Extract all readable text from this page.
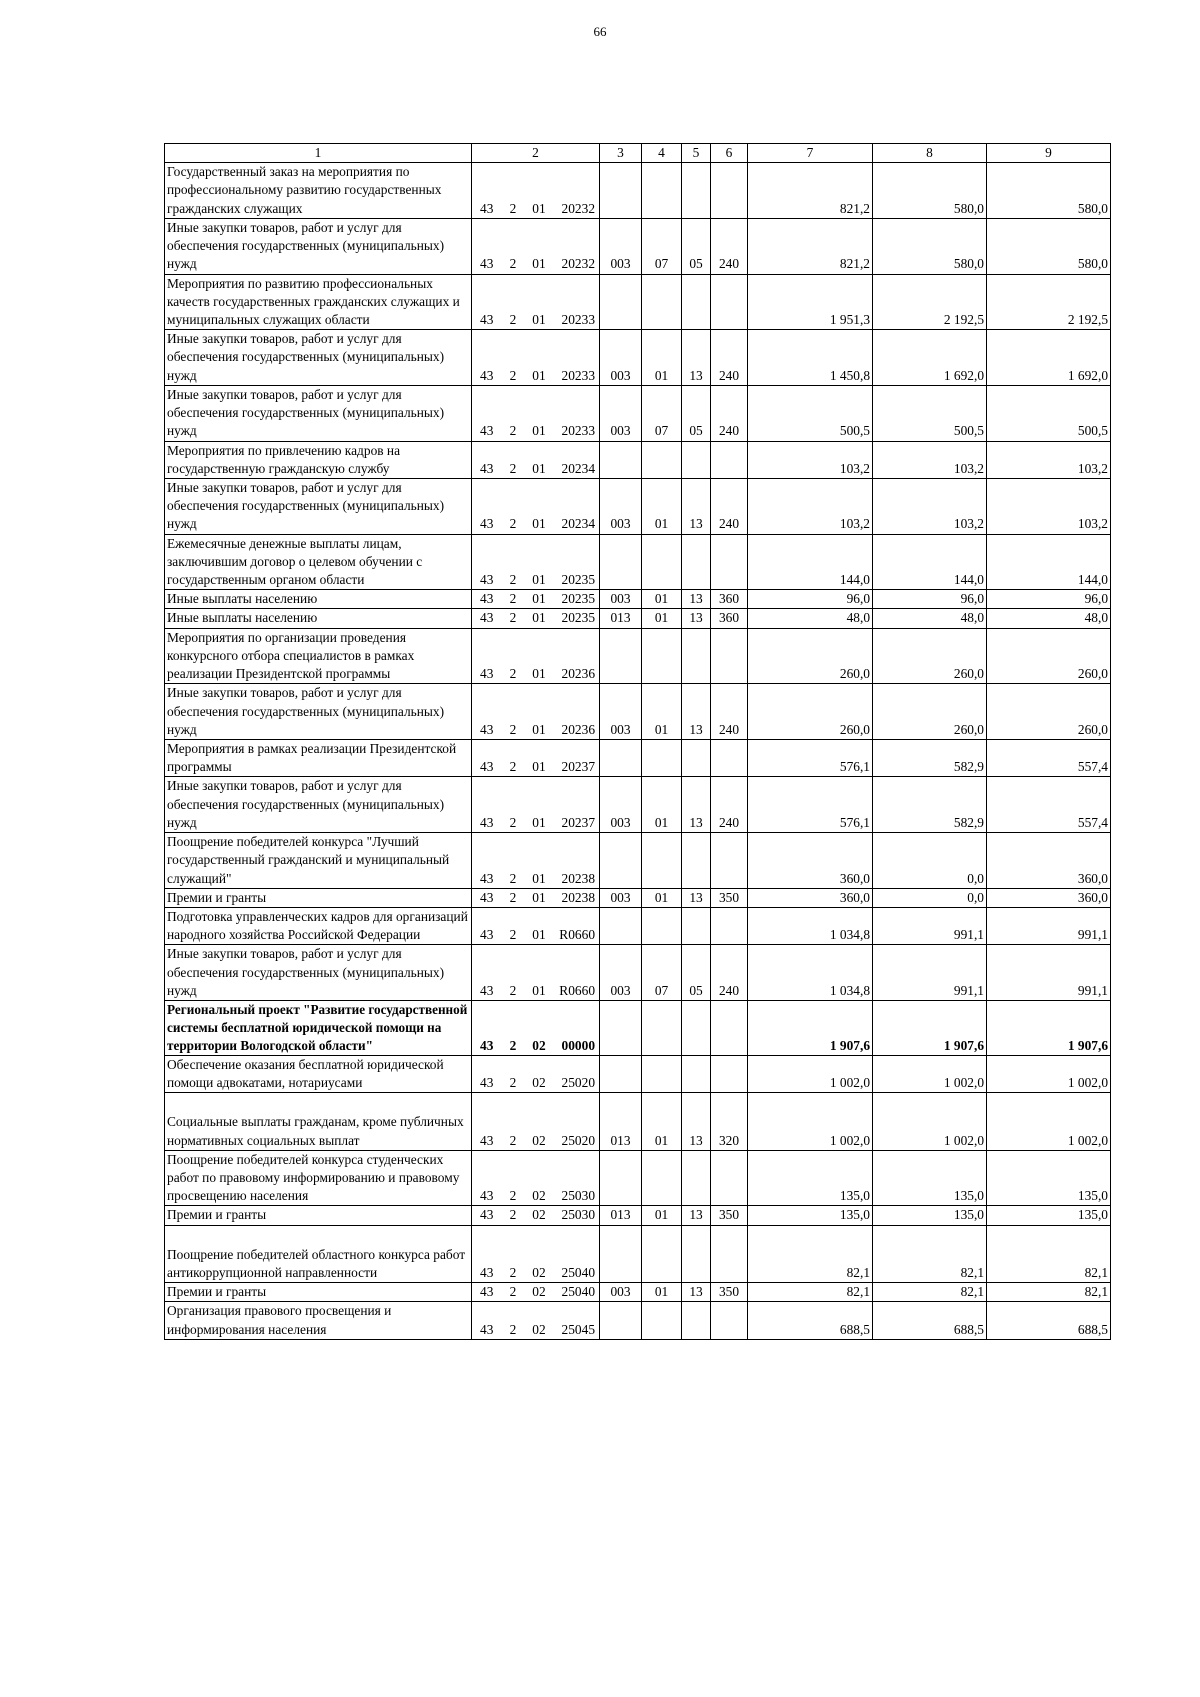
66
1	2				3	4	5	6	7	8	9
Государственный заказ на мероприятия по профессиональному развитию государственных гражданских служащих	43	2	01	20232					821,2	580,0	580,0
Иные закупки товаров, работ и услуг для обеспечения государственных (муниципальных) нужд	43	2	01	20232	003	07	05	240	821,2	580,0	580,0
Мероприятия по развитию профессиональных качеств государственных гражданских служащих и муниципальных служащих области	43	2	01	20233					1 951,3	2 192,5	2 192,5
Иные закупки товаров, работ и услуг для обеспечения государственных (муниципальных) нужд	43	2	01	20233	003	01	13	240	1 450,8	1 692,0	1 692,0
Иные закупки товаров, работ и услуг для обеспечения государственных (муниципальных) нужд	43	2	01	20233	003	07	05	240	500,5	500,5	500,5
Мероприятия по привлечению кадров на государственную гражданскую службу	43	2	01	20234					103,2	103,2	103,2
Иные закупки товаров, работ и услуг для обеспечения государственных (муниципальных) нужд	43	2	01	20234	003	01	13	240	103,2	103,2	103,2
Ежемесячные денежные выплаты лицам, заключившим договор о целевом обучении с государственным органом области	43	2	01	20235					144,0	144,0	144,0
Иные выплаты населению	43	2	01	20235	003	01	13	360	96,0	96,0	96,0
Иные выплаты населению	43	2	01	20235	013	01	13	360	48,0	48,0	48,0
Мероприятия по организации проведения конкурсного отбора специалистов в рамках реализации Президентской программы	43	2	01	20236					260,0	260,0	260,0
Иные закупки товаров, работ и услуг для обеспечения государственных (муниципальных) нужд	43	2	01	20236	003	01	13	240	260,0	260,0	260,0
Мероприятия в рамках реализации Президентской программы	43	2	01	20237					576,1	582,9	557,4
Иные закупки товаров, работ и услуг для обеспечения государственных (муниципальных) нужд	43	2	01	20237	003	01	13	240	576,1	582,9	557,4
Поощрение победителей конкурса "Лучший государственный гражданский и муниципальный служащий"	43	2	01	20238					360,0	0,0	360,0
Премии и гранты	43	2	01	20238	003	01	13	350	360,0	0,0	360,0
Подготовка управленческих кадров для организаций народного хозяйства Российской Федерации	43	2	01	R0660					1 034,8	991,1	991,1
Иные закупки товаров, работ и услуг для обеспечения государственных (муниципальных) нужд	43	2	01	R0660	003	07	05	240	1 034,8	991,1	991,1
Региональный проект "Развитие государственной системы бесплатной юридической помощи на территории Вологодской области"	43	2	02	00000					1 907,6	1 907,6	1 907,6
Обеспечение оказания бесплатной юридической помощи адвокатами, нотариусами	43	2	02	25020					1 002,0	1 002,0	1 002,0
Социальные выплаты гражданам, кроме публичных нормативных социальных выплат	43	2	02	25020	013	01	13	320	1 002,0	1 002,0	1 002,0
Поощрение победителей конкурса студенческих работ по правовому информированию и правовому просвещению населения	43	2	02	25030					135,0	135,0	135,0
Премии и гранты	43	2	02	25030	013	01	13	350	135,0	135,0	135,0
Поощрение победителей областного конкурса работ антикоррупционной направленности	43	2	02	25040					82,1	82,1	82,1
Премии и гранты	43	2	02	25040	003	01	13	350	82,1	82,1	82,1
Организация правового просвещения и информирования населения	43	2	02	25045					688,5	688,5	688,5
